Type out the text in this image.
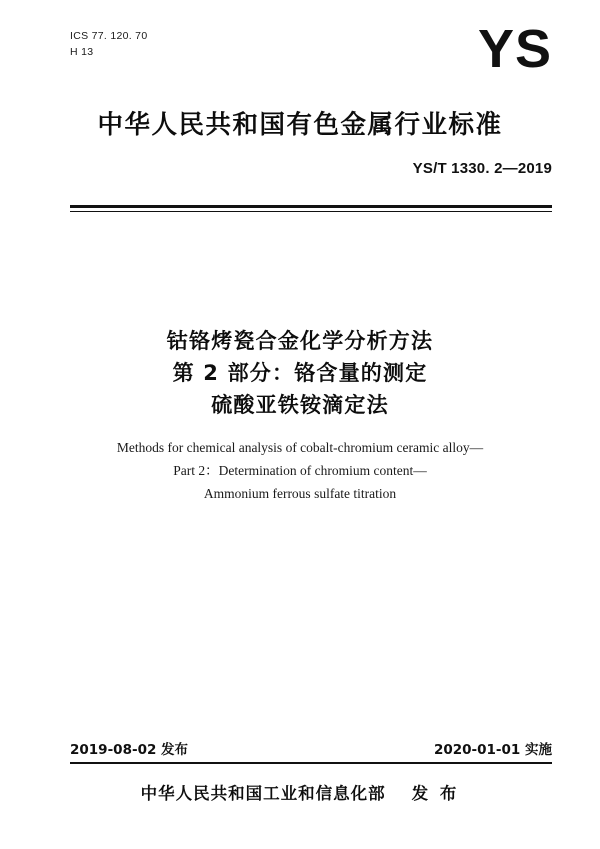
ICS 77. 120. 70
H 13	YS
中华人民共和国有色金属行业标准
YS/T 1330. 2—2019
钴铬烤瓷合金化学分析方法
第 2 部分：铬含量的测定
硫酸亚铁铵滴定法
Methods for chemical analysis of cobalt-chromium ceramic alloy—
Part 2：Determination of chromium content—
Ammonium ferrous sulfate titration
2019-08-02 发布	2020-01-01 实施
中华人民共和国工业和信息化部 发 布
